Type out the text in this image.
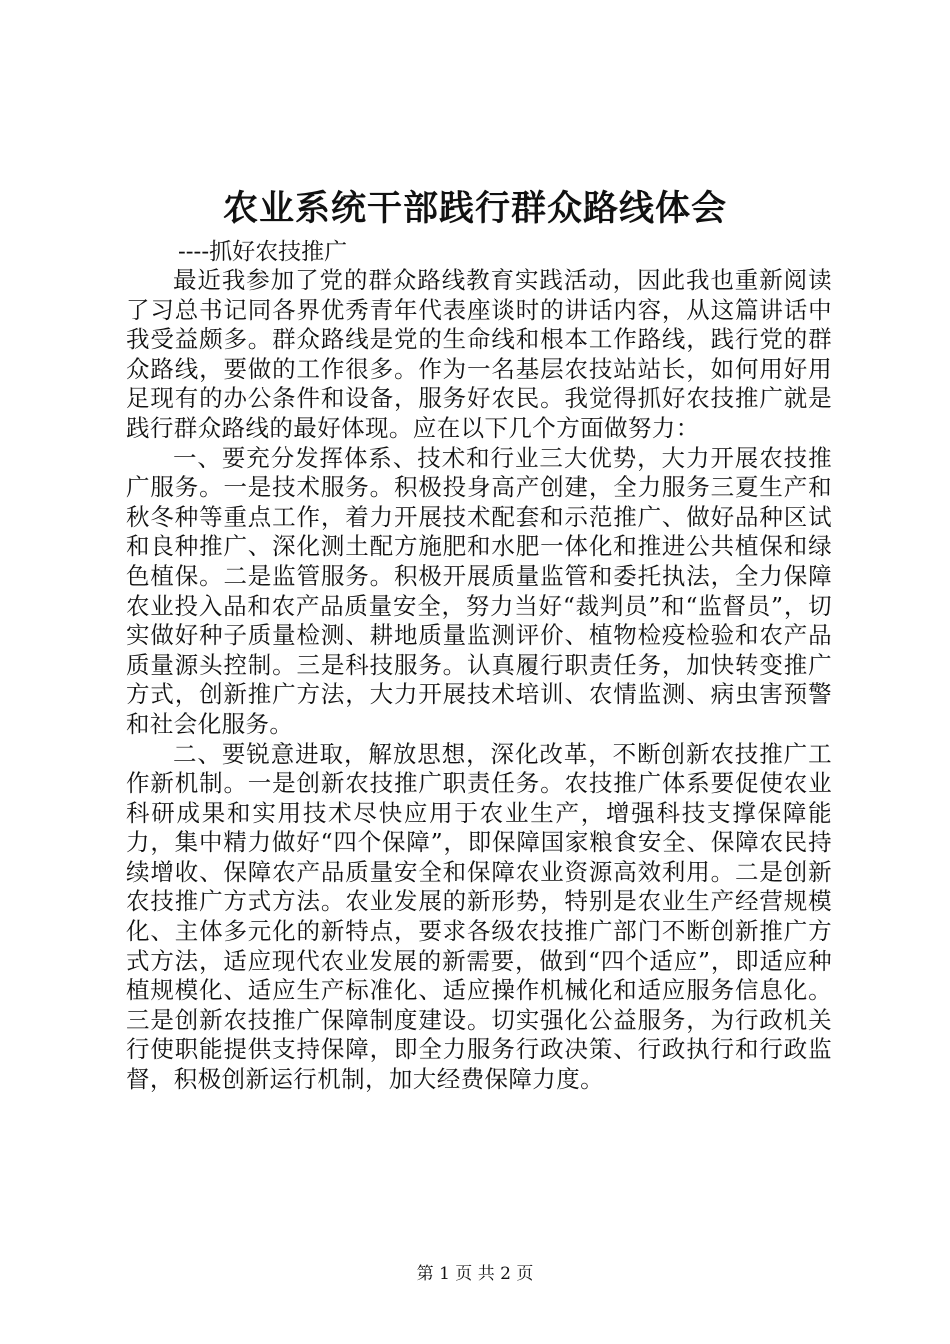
农业系统干部践行群众路线体会
----抓好农技推广

最近我参加了党的群众路线教育实践活动，因此我也重新阅读了习总书记同各界优秀青年代表座谈时的讲话内容，从这篇讲话中我受益颇多。群众路线是党的生命线和根本工作路线，践行党的群众路线，要做的工作很多。作为一名基层农技站站长，如何用好用足现有的办公条件和设备，服务好农民。我觉得抓好农技推广就是践行群众路线的最好体现。应在以下几个方面做努力：

一、要充分发挥体系、技术和行业三大优势，大力开展农技推广服务。一是技术服务。积极投身高产创建，全力服务三夏生产和秋冬种等重点工作，着力开展技术配套和示范推广、做好品种区试和良种推广、深化测土配方施肥和水肥一体化和推进公共植保和绿色植保。二是监管服务。积极开展质量监管和委托执法，全力保障农业投入品和农产品质量安全，努力当好“裁判员”和“监督员”，切实做好种子质量检测、耕地质量监测评价、植物检疫检验和农产品质量源头控制。三是科技服务。认真履行职责任务，加快转变推广方式，创新推广方法，大力开展技术培训、农情监测、病虫害预警和社会化服务。

二、要锐意进取，解放思想，深化改革，不断创新农技推广工作新机制。一是创新农技推广职责任务。农技推广体系要促使农业科研成果和实用技术尽快应用于农业生产，增强科技支撑保障能力，集中精力做好“四个保障”，即保障国家粮食安全、保障农民持续增收、保障农产品质量安全和保障农业资源高效利用。二是创新农技推广方式方法。农业发展的新形势，特别是农业生产经营规模化、主体多元化的新特点，要求各级农技推广部门不断创新推广方式方法，适应现代农业发展的新需要，做到“四个适应”，即适应种植规模化、适应生产标准化、适应操作机械化和适应服务信息化。三是创新农技推广保障制度建设。切实强化公益服务，为行政机关行使职能提供支持保障，即全力服务行政决策、行政执行和行政监督，积极创新运行机制，加大经费保障力度。

第 1 页 共 2 页
